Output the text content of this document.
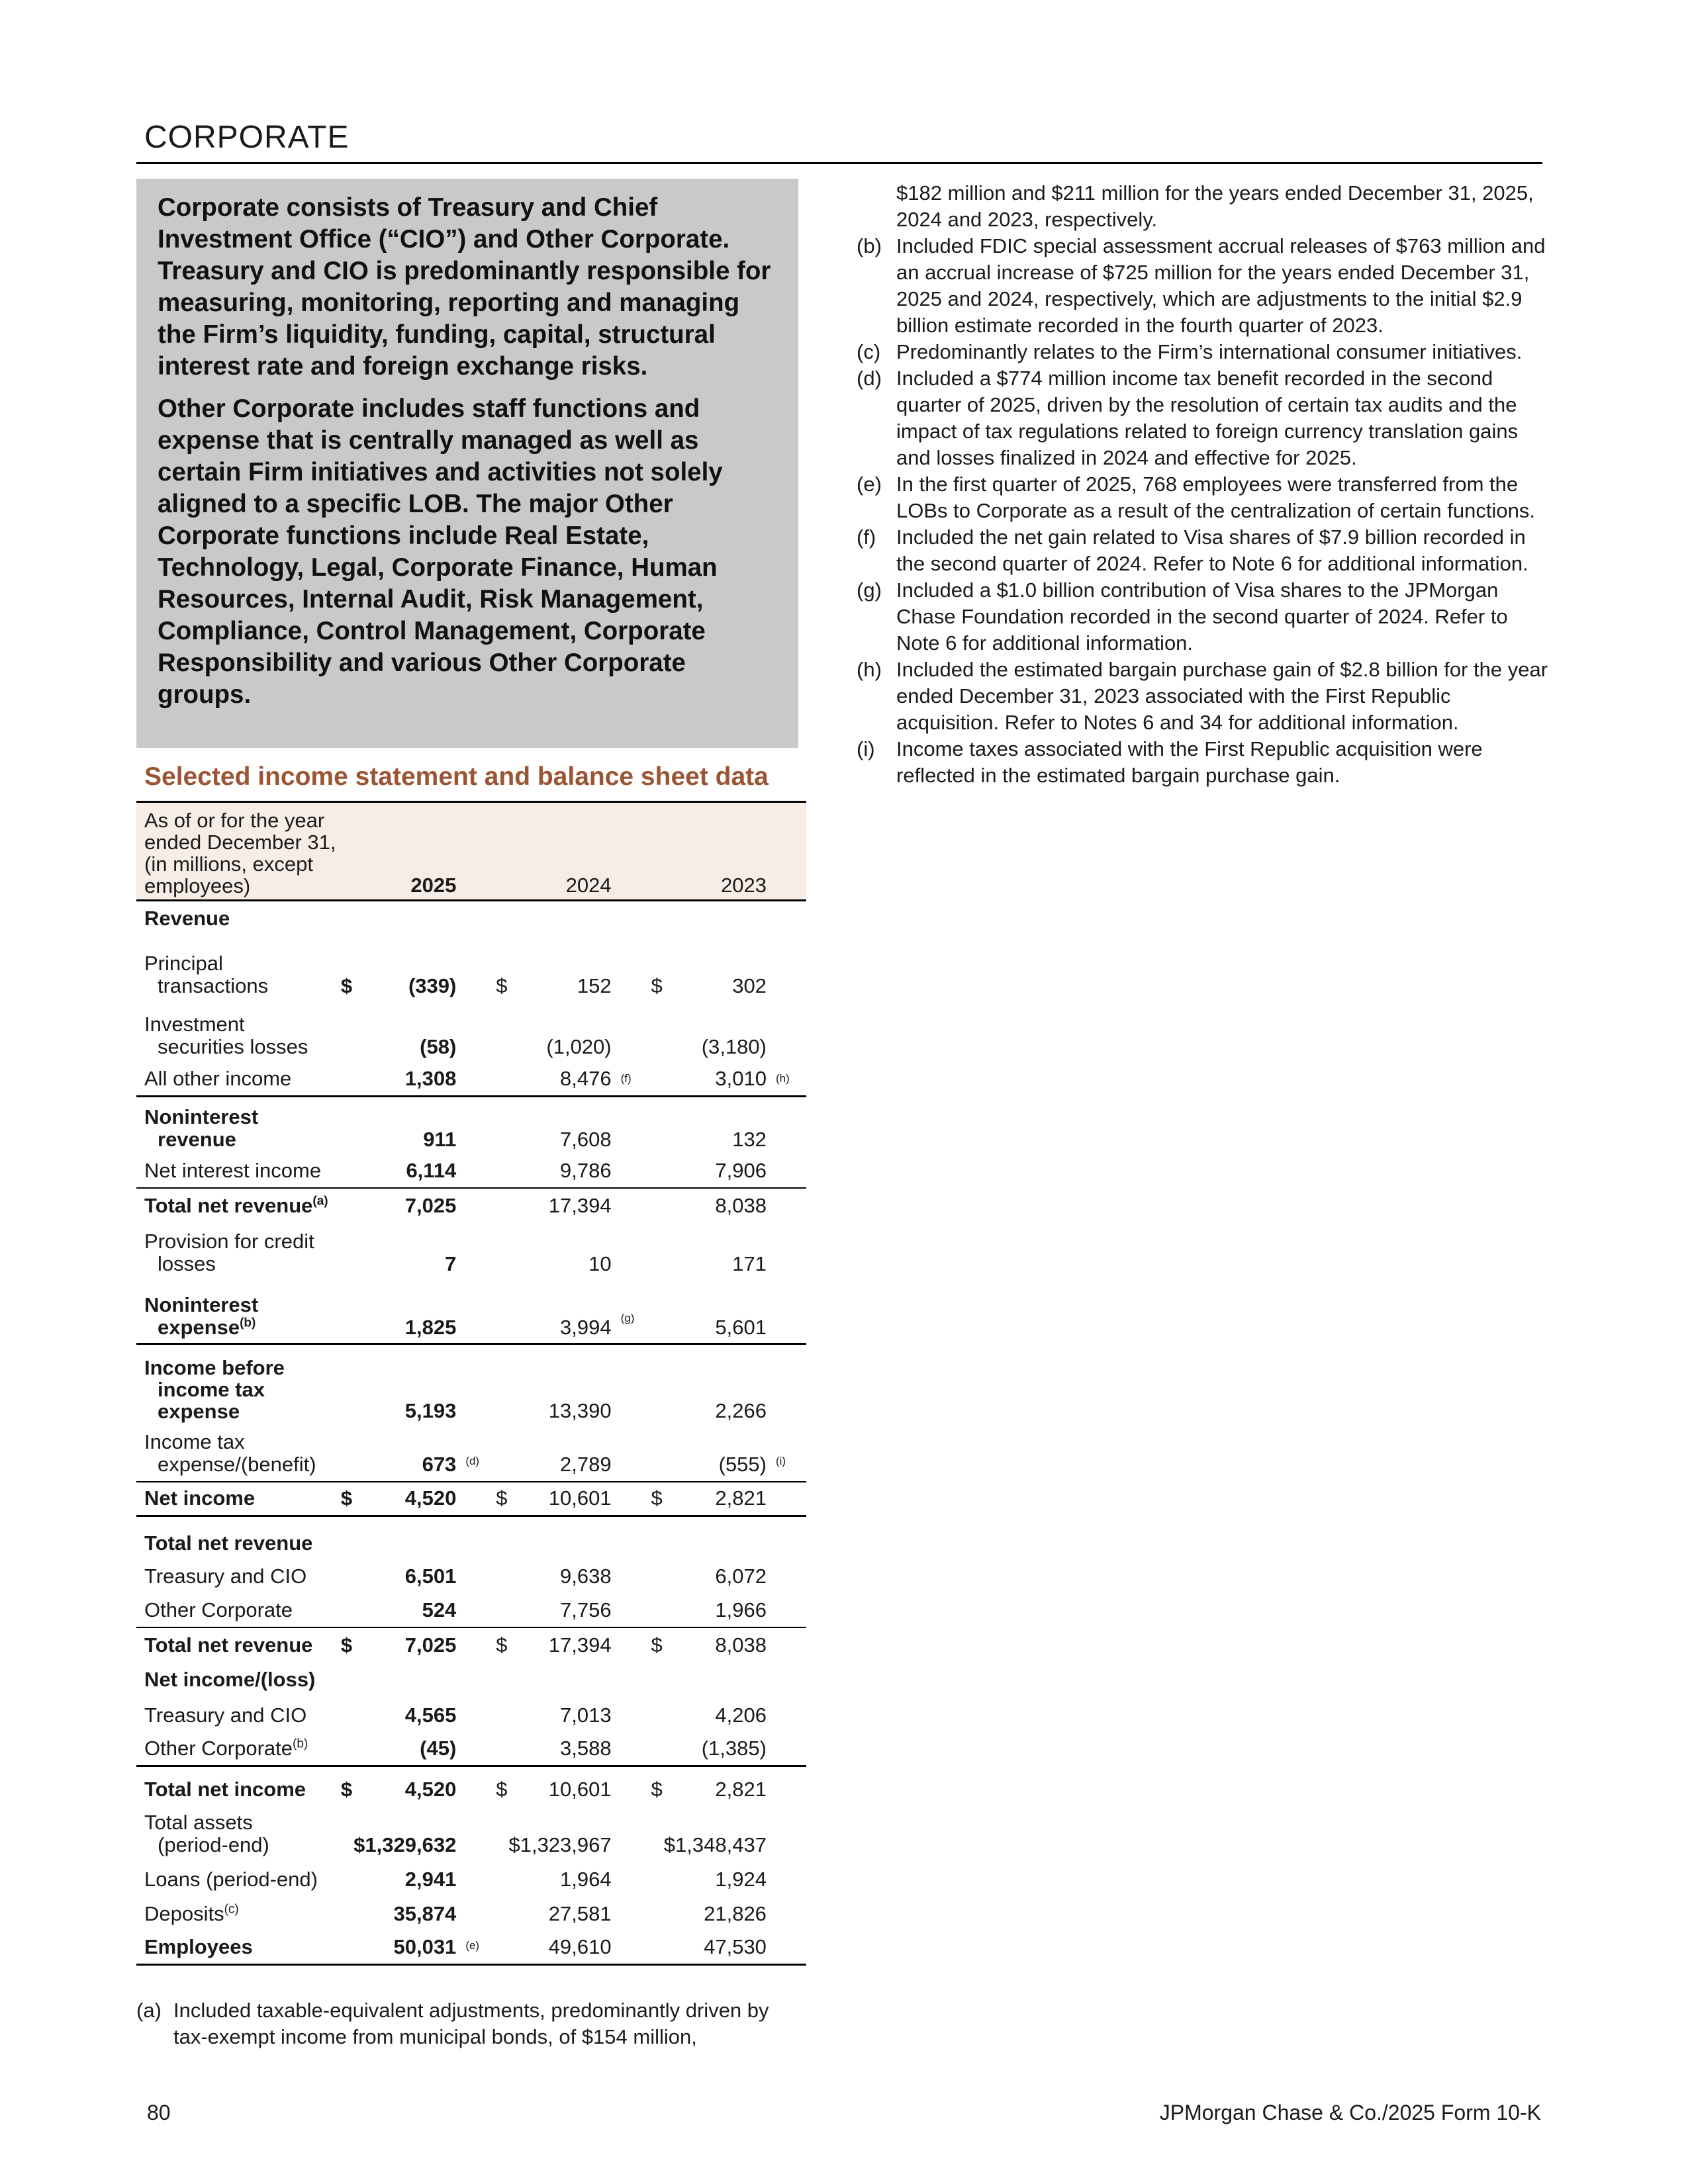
CORPORATE

Corporate consists of Treasury and Chief Investment Office (“CIO”) and Other Corporate. Treasury and CIO is predominantly responsible for measuring, monitoring, reporting and managing the Firm’s liquidity, funding, capital, structural interest rate and foreign exchange risks.

Other Corporate includes staff functions and expense that is centrally managed as well as certain Firm initiatives and activities not solely aligned to a specific LOB. The major Other Corporate functions include Real Estate, Technology, Legal, Corporate Finance, Human Resources, Internal Audit, Risk Management, Compliance, Control Management, Corporate Responsibility and various Other Corporate groups.

Selected income statement and balance sheet data
As of or for the year
ended December 31,
(in millions, except
employees)		2025			2024			2023	
Revenue									

Principal
transactions	$	(339)		$	152		$	302	

Investment
securities losses		(58)			(1,020)			(3,180)	
All other income		1,308			8,476	(f)		3,010	(h)

Noninterest
revenue		911			7,608			132	
Net interest income		6,114			9,786			7,906	
Total net revenue$^{(a)}$		7,025			17,394			8,038	

Provision for credit
losses		7			10			171	

Noninterest
expense$^{(b)}$		1,825			3,994	(g)		5,601	

Income before
income taxexpense		5,193			13,390			2,266	

Income tax
expense/(benefit)		673	(d)		2,789			(555)	(i)
Net income	$	4,520		$	10,601		$	2,821	
Total net revenue									
Treasury and CIO		6,501			9,638			6,072	
Other Corporate		524			7,756			1,966	
Total net revenue	$	7,025		$	17,394		$	8,038	
Net income/(loss)									
Treasury and CIO		4,565			7,013			4,206	
Other Corporate$^{(b)}$		(45)			3,588			(1,385)	
Total net income	$	4,520		$	10,601		$	2,821	

Total assets
(period-end)	$1,329,632			$1,323,967			$1,348,437		
Loans (period-end)		2,941			1,964			1,924	
Deposits$^{(c)}$		35,874			27,581			21,826	
Employees		50,031	(e)		49,610			47,530	
(a) Included taxable-equivalent adjustments, predominantly driven by tax-exempt income from municipal bonds, of $154 million,
$182 million and $211 million for the years ended December 31, 2025, 2024 and 2023, respectively.
(b) Included FDIC special assessment accrual releases of $763 million and an accrual increase of $725 million for the years ended December 31, 2025 and 2024, respectively, which are adjustments to the initial $2.9 billion estimate recorded in the fourth quarter of 2023.
(c) Predominantly relates to the Firm’s international consumer initiatives.
(d) Included a $774 million income tax benefit recorded in the second quarter of 2025, driven by the resolution of certain tax audits and the impact of tax regulations related to foreign currency translation gains and losses finalized in 2024 and effective for 2025.
(e) In the first quarter of 2025, 768 employees were transferred from the LOBs to Corporate as a result of the centralization of certain functions.
(f) Included the net gain related to Visa shares of $7.9 billion recorded in the second quarter of 2024. Refer to Note 6 for additional information.
(g) Included a $1.0 billion contribution of Visa shares to the JPMorgan Chase Foundation recorded in the second quarter of 2024. Refer to Note 6 for additional information.
(h) Included the estimated bargain purchase gain of $2.8 billion for the year ended December 31, 2023 associated with the First Republic acquisition. Refer to Notes 6 and 34 for additional information.
(i)	Income taxes associated with the First Republic acquisition were reflected in the estimated bargain purchase gain.
80	JPMorgan Chase & Co./2025 Form 10-K
